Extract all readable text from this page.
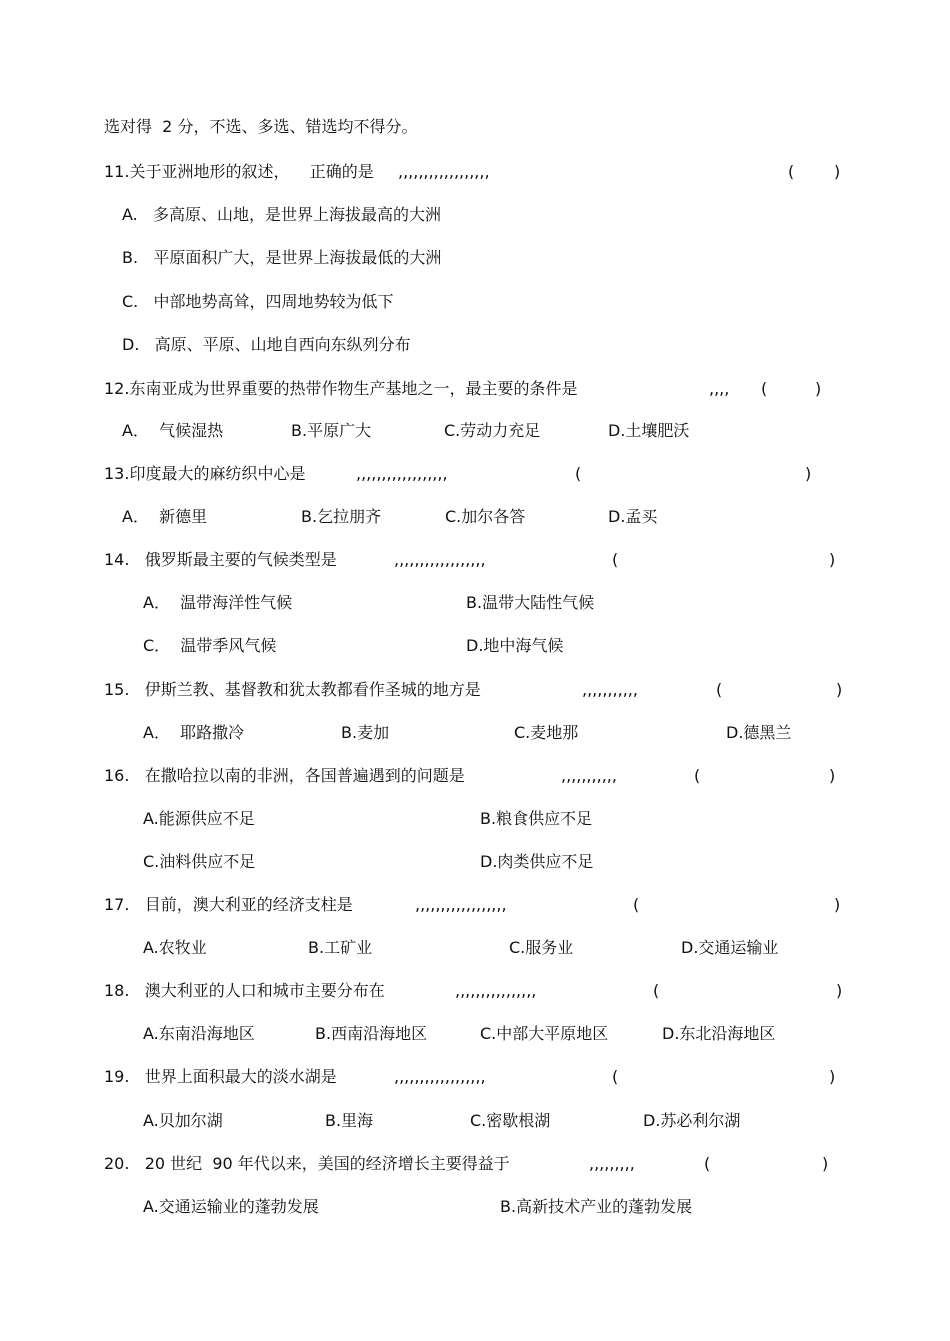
选对得  2 分，不选、多选、错选均不得分。
11.关于亚洲地形的叙述，    正确的是 ,,,,,,,,,,,,,,,,,,	( )
A.   多高原、山地，是世界上海拔最高的大洲
B.   平原面积广大，是世界上海拔最低的大洲
C.   中部地势高耸，四周地势较为低下
D.   高原、平原、山地自西向东纵列分布
12.东南亚成为世界重要的热带作物生产基地之一，最主要的条件是	,,,, (	)
A．  气候湿热	B.平原广大	C.劳动力充足	D.土壤肥沃
13.印度最大的麻纺织中心是	,,,,,,,,,,,,,,,,,,	(	)
A．  新德里	B.乞拉朋齐	C.加尔各答	D.孟买
14.   俄罗斯最主要的气候类型是	,,,,,,,,,,,,,,,,,,	(	)
A．  温带海洋性气候	B.温带大陆性气候
C．  温带季风气候	D.地中海气候
15.   伊斯兰教、基督教和犹太教都看作圣城的地方是	,,,,,,,,,,,	(	)
A．  耶路撒冷	B.麦加	C.麦地那	D.德黑兰
16.   在撒哈拉以南的非洲，各国普遍遇到的问题是	,,,,,,,,,,,	(	)
A.能源供应不足	B.粮食供应不足
C.油料供应不足	D.肉类供应不足
17.   目前，澳大利亚的经济支柱是	,,,,,,,,,,,,,,,,,,	(	)
A.农牧业	B.工矿业	C.服务业	D.交通运输业
18.   澳大利亚的人口和城市主要分布在	,,,,,,,,,,,,,,,,	(	)
A.东南沿海地区	B.西南沿海地区	C.中部大平原地区	D.东北沿海地区
19.   世界上面积最大的淡水湖是	,,,,,,,,,,,,,,,,,,	(	)
A.贝加尔湖	B.里海	C.密歇根湖	D.苏必利尔湖
20.   20 世纪  90 年代以来，美国的经济增长主要得益于	,,,,,,,,,	(	)
A.交通运输业的蓬勃发展	B.高新技术产业的蓬勃发展
